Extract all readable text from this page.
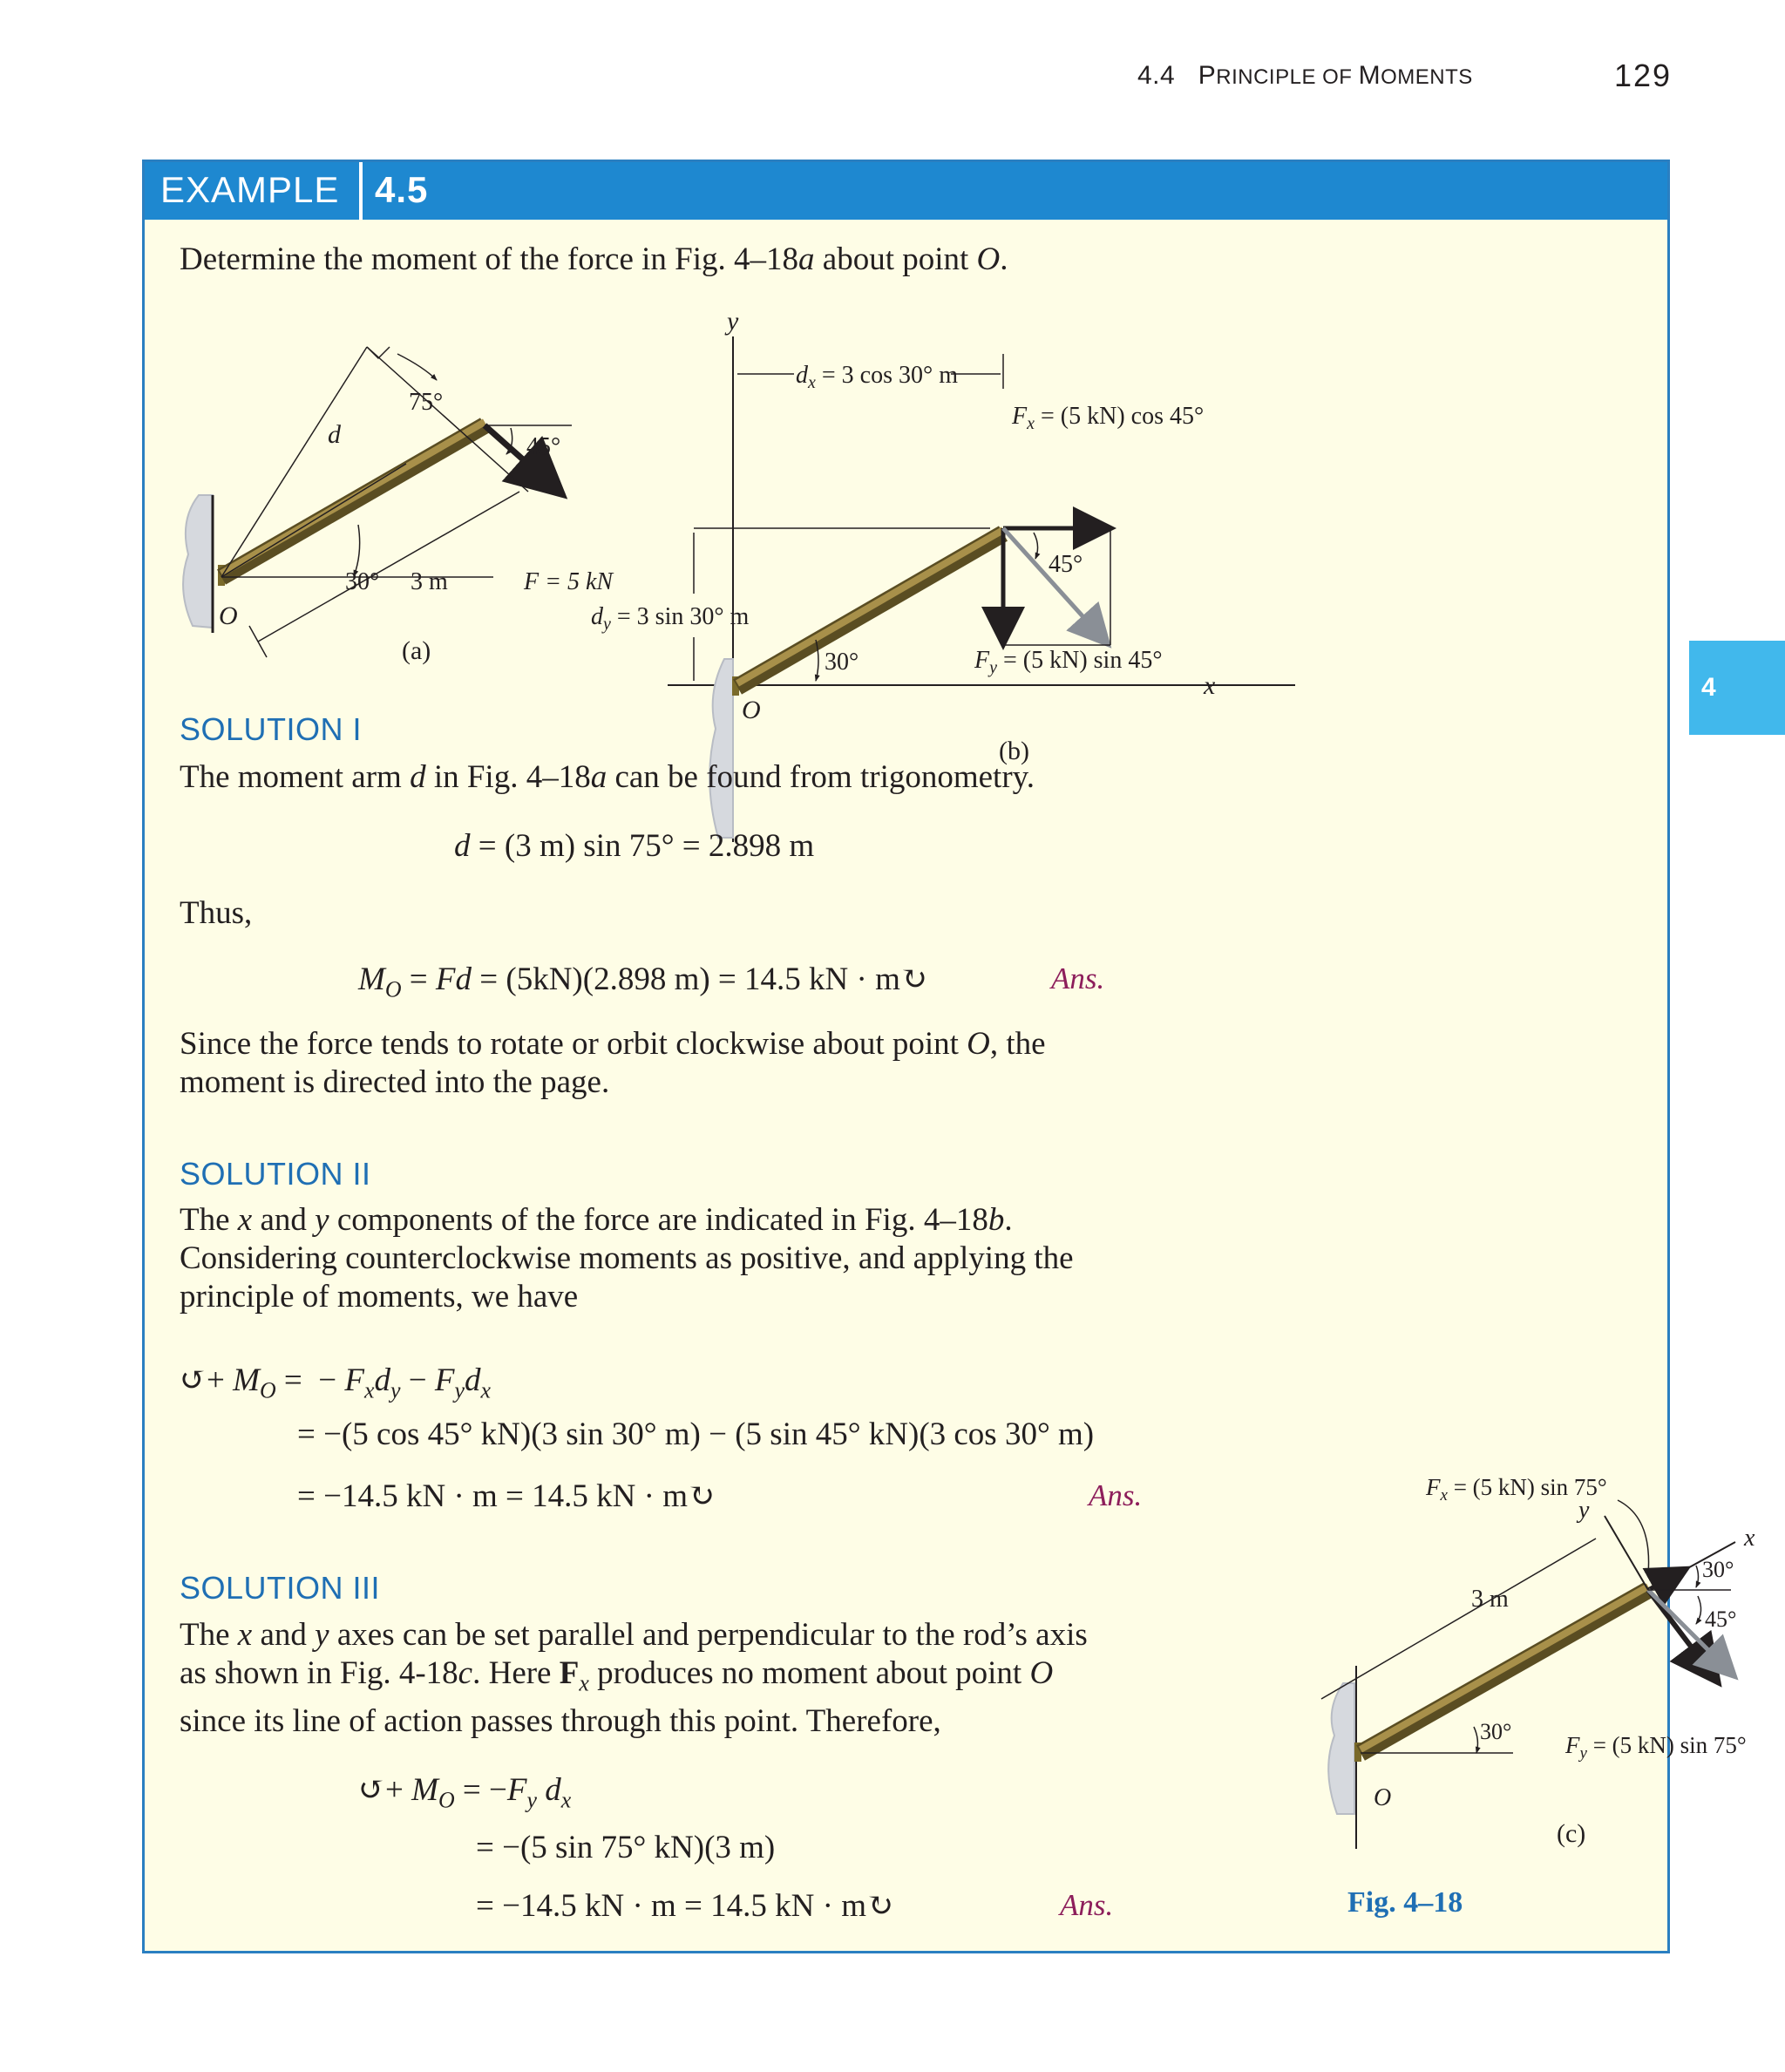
4.4 PRINCIPLE OF MOMENTS	129
4
EXAMPLE 4.5
Determine the moment of the force in Fig. 4–18a about point O.
75°
45°
d
30° 3 m	F = 5 kN
O
(a)
y
$d_x = 3$ cos 30° m
$F_x = (5$ kN) cos 45°
45°
$d_y = 3$ sin 30° m
30°	$F_y = (5$ kN) sin 45°
x
O
(b)
SOLUTION I
The moment arm d in Fig. 4–18a can be found from trigonometry.
d = (3 m) sin 75° = 2.898 m
Thus,
$M_O = Fd = (5kN)(2.898$ m) = 14.5 kN · m↻	Ans.
Since the force tends to rotate or orbit clockwise about point O, the
moment is directed into the page.
SOLUTION II
The x and y components of the force are indicated in Fig. 4–18b.
Considering counterclockwise moments as positive, and applying the
principle of moments, we have
↺+ $M_O$ =  − $F_xd_y - F_yd_x$
= −(5 cos 45° kN)(3 sin 30° m) − (5 sin 45° kN)(3 cos 30° m)
= −14.5 kN · m = 14.5 kN · m↻	Ans.
SOLUTION III
The x and y axes can be set parallel and perpendicular to the rod’s axis
as shown in Fig. 4-18c. Here $F_x$ produces no moment about point O
since its line of action passes through this point. Therefore,
↺+ $M_O = -F_y$ $d_x$
= −(5 sin 75° kN)(3 m)
= −14.5 kN · m = 14.5 kN · m↻	Ans.
$F_x = (5$ kN) sin 75°
y
x
3 m
30°
45°
30°
$F_y = (5$ kN) sin 75°
O
(c)
Fig. 4–18
